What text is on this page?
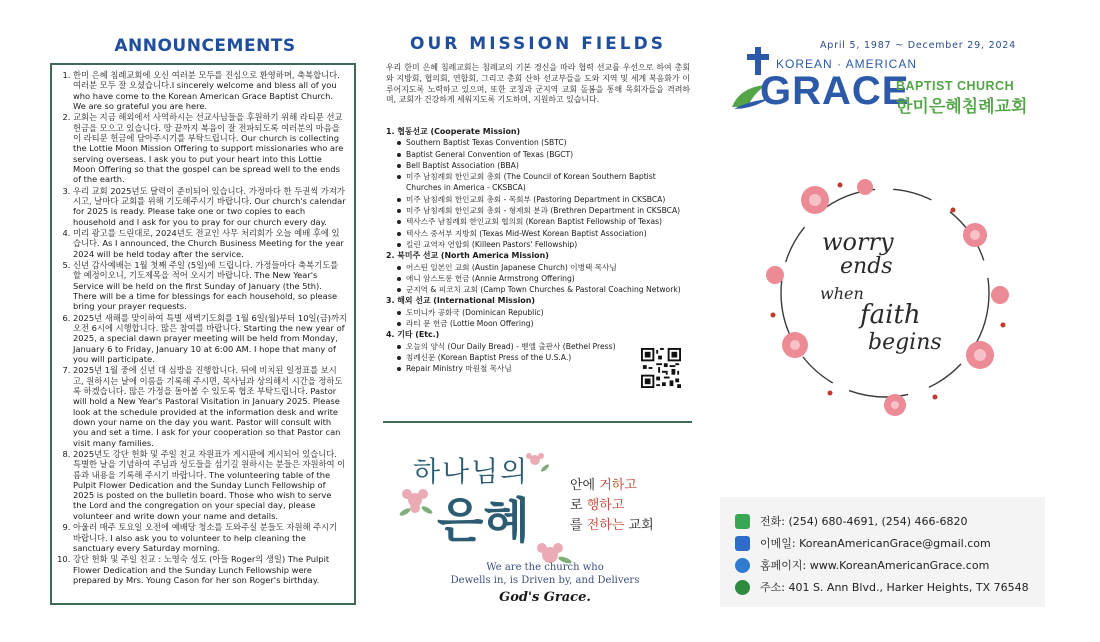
ANNOUNCEMENTS
1. 한미 은혜 침례교회에 오신 여러분 모두를 진심으로 환영하며, 축복합니다. 여러분 모두 잘 오셨습니다.I sincerely welcome and bless all of you who have come to the Korean American Grace Baptist Church. We are so grateful you are here.
2. 교회는 지금 해외에서 사역하시는 선교사님들을 후원하기 위해 라티문 선교헌금을 모으고 있습니다. 땅 끝까지 복음이 잘 전파되도록 여러분의 마음을 이 라티문 헌금에 담아주시기를 부탁드립니다. Our church is collecting the Lottie Moon Mission Offering to support missionaries who are serving overseas. I ask you to put your heart into this Lottie Moon Offering so that the gospel can be spread well to the ends of the earth.
3. 우리 교회 2025년도 달력이 준비되어 있습니다. 가정마다 한 두권씩 가져가시고, 날마다 교회를 위해 기도해주시기 바랍니다. Our church's calendar for 2025 is ready. Please take one or two copies to each household and I ask for you to pray for our church every day.
4. 미리 광고를 드린대로, 2024년도 전교인 사무 처리회가 오늘 예배 후에 있습니다. As I announced, the Church Business Meeting for the year 2024 will be held today after the service.
5. 신년 감사예배는 1월 첫째 주일 (5일)에 드립니다. 가정들마다 축복기도를 할 예정이오니, 기도제목을 적어 오시기 바랍니다. The New Year's Service will be held on the first Sunday of January (the 5th). There will be a time for blessings for each household, so please bring your prayer requests.
6. 2025년 새해를 맞이하여 특별 새벽기도회를 1월 6일(월)부터 10일(금)까지 오전 6시에 시행합니다. 많은 참여를 바랍니다. Starting the new year of 2025, a special dawn prayer meeting will be held from Monday, January 6 to Friday, January 10 at 6:00 AM. I hope that many of you will participate.
7. 2025년 1월 중에 신년 대 심방을 진행합니다. 뒤에 비치된 일정표를 보시고, 원하시는 날에 이름을 기록해 주시면, 목사님과 상의해서 시간을 정하도록 하겠습니다. 많은 가정을 돌아볼 수 있도록 협조 부탁드립니다. Pastor will hold a New Year's Pastoral Visitation in January 2025. Please look at the schedule provided at the information desk and write down your name on the day you want. Pastor will consult with you and set a time. I ask for your cooperation so that Pastor can visit many families.
8. 2025년도 강단 헌화 및 주일 친교 자원표가 게시판에 게시되어 있습니다. 특별한 날을 기념하여 주님과 성도들을 섬기길 원하시는 분들은 자원하여 이름과 내용을 기록해 주시기 바랍니다. The volunteering table of the Pulpit Flower Dedication and the Sunday Lunch Fellowship of 2025 is posted on the bulletin board. Those who wish to serve the Lord and the congregation on your special day, please volunteer and write down your name and details.
9. 아울러 매주 토요일 오전에 예배당 청소를 도와주실 분들도 자원해 주시기 바랍니다. I also ask you to volunteer to help cleaning the sanctuary every Saturday morning.
10. 강단 헌화 및 주일 친교 : 노영숙 성도 (아들 Roger의 생일) The Pulpit Flower Dedication and the Sunday Lunch Fellowship were prepared by Mrs. Young Cason for her son Roger's birthday.
OUR MISSION FIELDS
우리 한미 은혜 침례교회는 침례교의 기본 경신을 따라 협력 선교를 우선으로 하여 총회와 지방회, 협의회, 연합회, 그리고 총회 산하 선교부들을 도와 지역 및 세계 복음화가 이루어지도록 노력하고 있으며, 또한 코칭과 군지역 교회 돌봄을 통해 목회자들을 격려하며, 교회가 건강하게 세워지도록 기도하며, 지원하고 있습니다.
1. 협동선교 (Cooperate Mission)
Southern Baptist Texas Convention (SBTC)
Baptist General Convention of Texas (BGCT)
Bell Baptist Association (BBA)
미주 남침례회 한인교회 총회 (The Council of Korean Southern Baptist Churches in America - CKSBCA)
미주 남침례회 한인교회 총회 - 목회부 (Pastoring Department in CKSBCA)
미주 남침례회 한인교회 총회 - 형제회 분과 (Brethren Department in CKSBCA)
텍사스주 남침례회 한인교회 협의회 (Korean Baptist Fellowship of Texas)
텍사스 중서부 지방회 (Texas Mid-West Korean Baptist Association)
킬린 교역자 연합회 (Killeen Pastors' Fellowship)
2. 북미주 선교 (North America Mission)
어스틴 일본인 교회 (Austin Japanese Church) 이병택 목사님
애니 암스트롱 헌금 (Annie Armstrong Offering)
군지역 & 피코치 교회 (Camp Town Churches & Pastoral Coaching Network)
3. 해외 선교 (International Mission)
도미니카 공화국 (Dominican Republic)
라티 문 헌금 (Lottie Moon Offering)
4. 기타 (Etc.)
오늘의 양식 (Our Daily Bread) - 벧엘 출판사 (Bethel Press)
침례신문 (Korean Baptist Press of the U.S.A.)
Repair Ministry 마원철 목사님
하나님의
은혜
안에 거하고
로 행하고
를 전하는 교회
We are the church who
Dewells in, is Driven by, and Delivers
God's Grace.
April 5, 1987 ~ December 29, 2024
KOREAN · AMERICAN
GRACE
BAPTIST CHURCH
한미은혜침례교회
worry
ends
when
faith
begins
전화: (254) 680-4691, (254) 466-6820
이메일: KoreanAmericanGrace@gmail.com
홈페이지: www.KoreanAmericanGrace.com
주소: 401 S. Ann Blvd., Harker Heights, TX 76548
